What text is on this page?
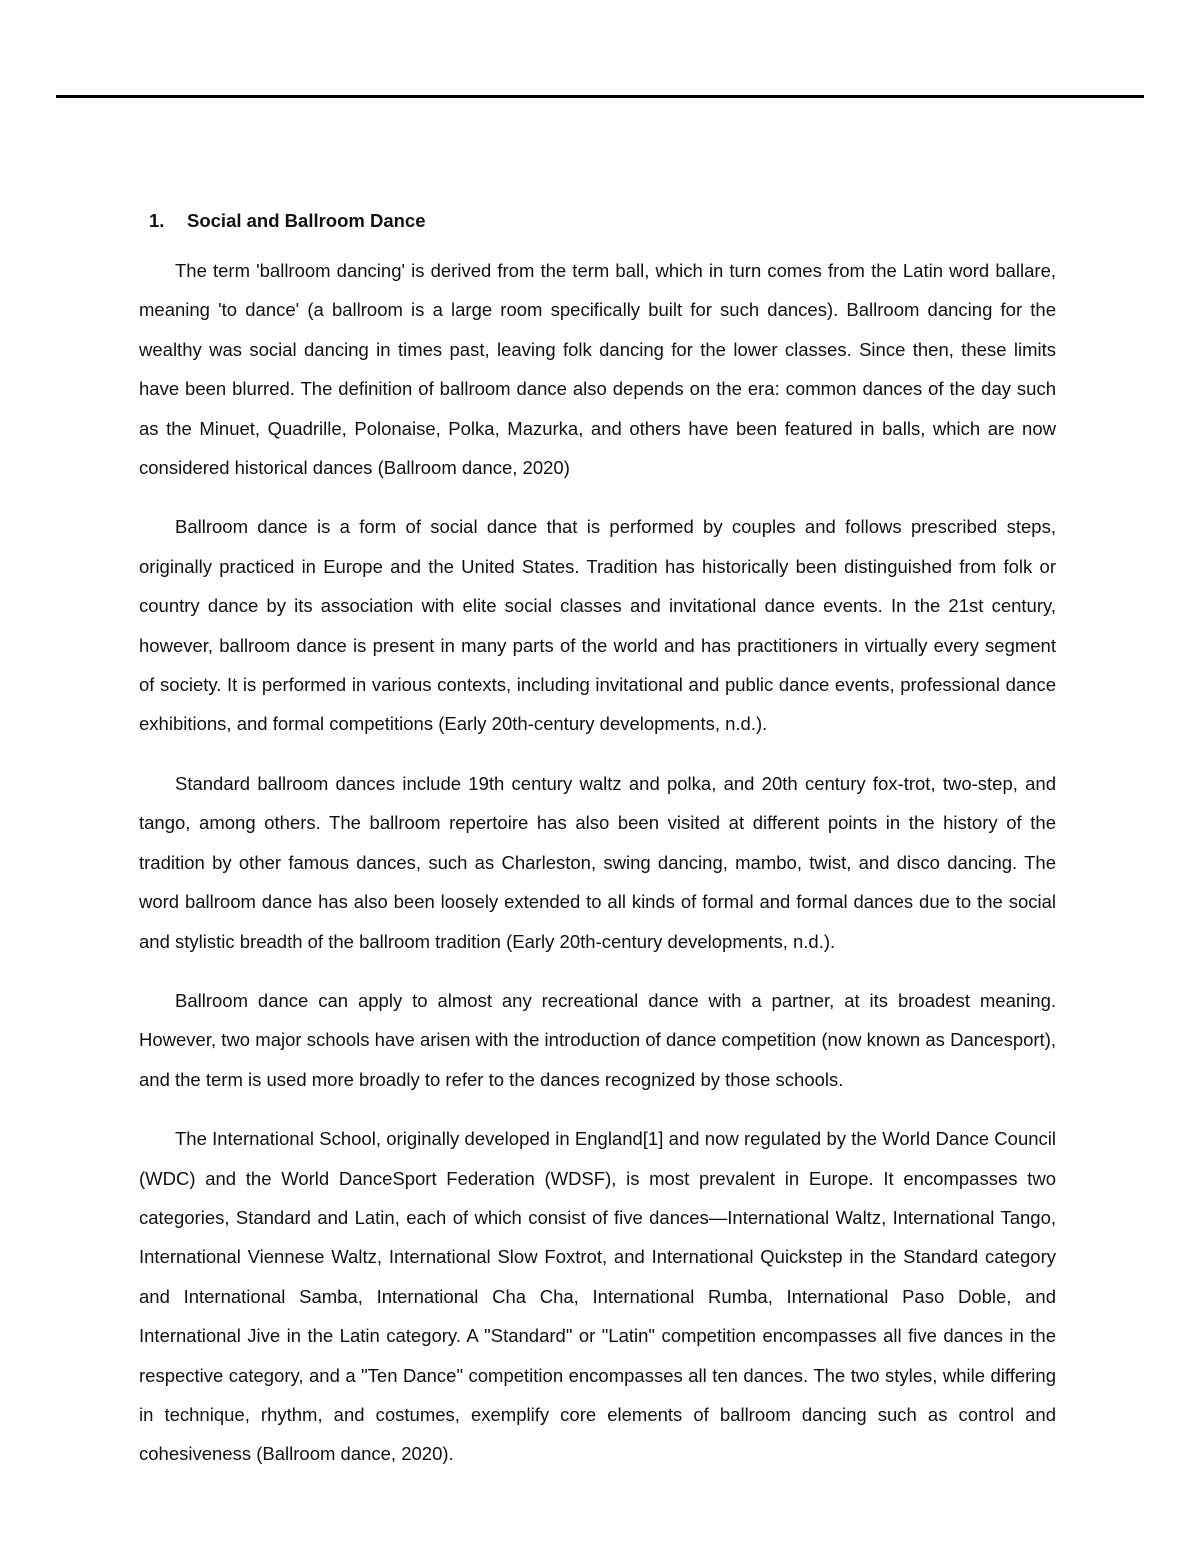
1.	Social and Ballroom Dance

The term 'ballroom dancing' is derived from the term ball, which in turn comes from the Latin word ballare, meaning 'to dance' (a ballroom is a large room specifically built for such dances). Ballroom dancing for the wealthy was social dancing in times past, leaving folk dancing for the lower classes. Since then, these limits have been blurred. The definition of ballroom dance also depends on the era: common dances of the day such as the Minuet, Quadrille, Polonaise, Polka, Mazurka, and others have been featured in balls, which are now considered historical dances (Ballroom dance, 2020)

Ballroom dance is a form of social dance that is performed by couples and follows prescribed steps, originally practiced in Europe and the United States. Tradition has historically been distinguished from folk or country dance by its association with elite social classes and invitational dance events. In the 21st century, however, ballroom dance is present in many parts of the world and has practitioners in virtually every segment of society. It is performed in various contexts, including invitational and public dance events, professional dance exhibitions, and formal competitions (Early 20th-century developments, n.d.).

Standard ballroom dances include 19th century waltz and polka, and 20th century fox-trot, two-step, and tango, among others. The ballroom repertoire has also been visited at different points in the history of the tradition by other famous dances, such as Charleston, swing dancing, mambo, twist, and disco dancing. The word ballroom dance has also been loosely extended to all kinds of formal and formal dances due to the social and stylistic breadth of the ballroom tradition (Early 20th-century developments, n.d.).

Ballroom dance can apply to almost any recreational dance with a partner, at its broadest meaning. However, two major schools have arisen with the introduction of dance competition (now known as Dancesport), and the term is used more broadly to refer to the dances recognized by those schools.

The International School, originally developed in England[1] and now regulated by the World Dance Council (WDC) and the World DanceSport Federation (WDSF), is most prevalent in Europe. It encompasses two categories, Standard and Latin, each of which consist of five dances—International Waltz, International Tango, International Viennese Waltz, International Slow Foxtrot, and International Quickstep in the Standard category and International Samba, International Cha Cha, International Rumba, International Paso Doble, and International Jive in the Latin category. A "Standard" or "Latin" competition encompasses all five dances in the respective category, and a "Ten Dance" competition encompasses all ten dances. The two styles, while differing in technique, rhythm, and costumes, exemplify core elements of ballroom dancing such as control and cohesiveness (Ballroom dance, 2020).
